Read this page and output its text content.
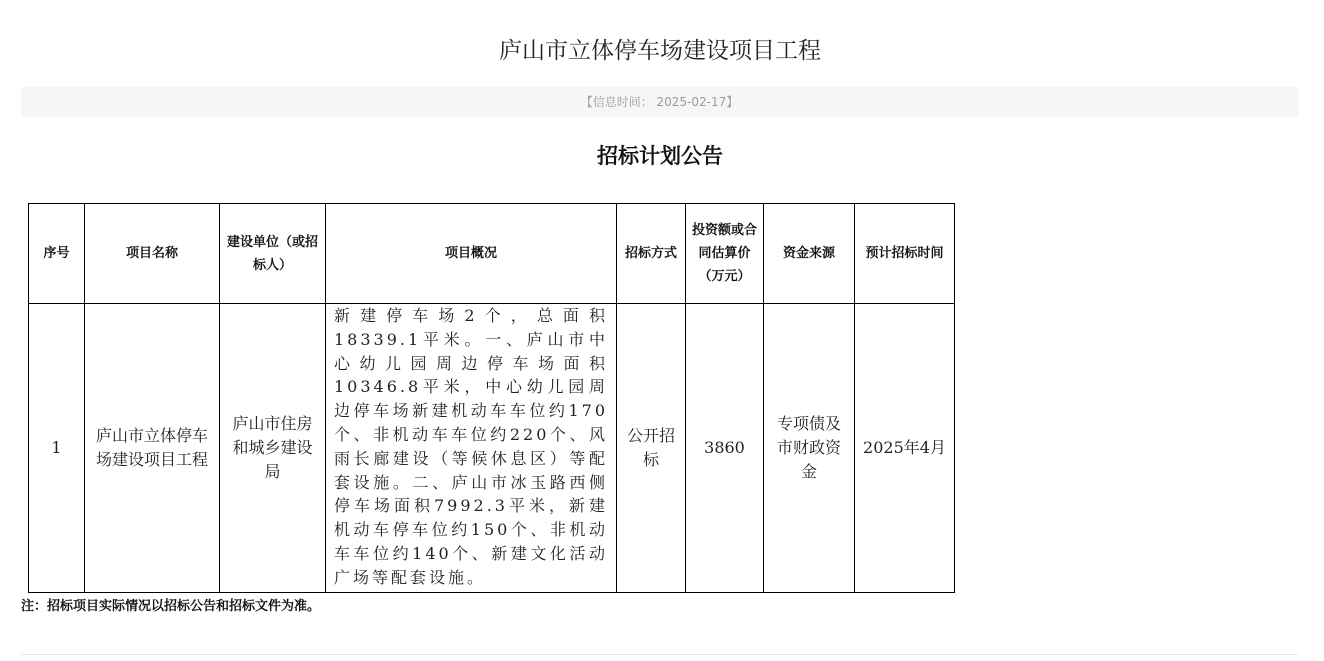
庐山市立体停车场建设项目工程
【信息时间： 2025-02-17】
招标计划公告
序号	项目名称	建设单位（或招标人）	项目概况	招标方式	投资额或合同估算价（万元）	资金来源	预计招标时间
1	庐山市立体停车场建设项目工程	庐山市住房和城乡建设局	新建停车场2个，总面积18339.1平米。一、庐山市中心幼儿园周边停车场面积10346.8平米，中心幼儿园周边停车场新建机动车车位约170个、非机动车车位约220个、风雨长廊建设（等候休息区）等配套设施。二、庐山市冰玉路西侧停车场面积7992.3平米，新建机动车停车位约150个、非机动车车位约140个、新建文化活动广场等配套设施。	公开招标	3860	专项债及市财政资金	2025年4月
注：招标项目实际情况以招标公告和招标文件为准。
